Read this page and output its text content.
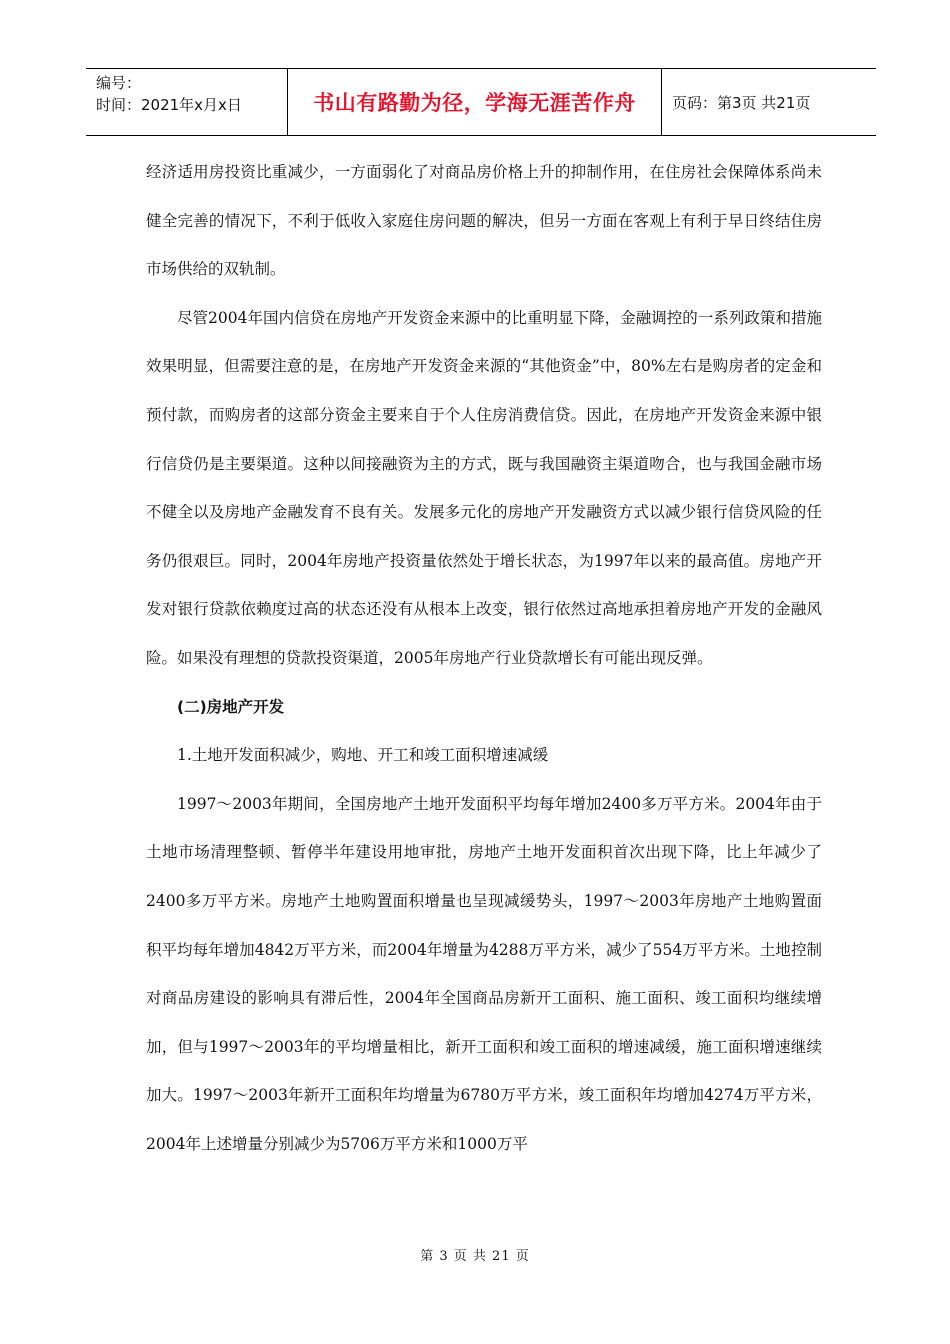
编号：
时间：2021年x月x日	书山有路勤为径，学海无涯苦作舟	页码：第3页 共21页

经济适用房投资比重减少，一方面弱化了对商品房价格上升的抑制作用，在住房社会保障体系尚未健全完善的情况下，不利于低收入家庭住房问题的解决，但另一方面在客观上有利于早日终结住房市场供给的双轨制。

尽管2004年国内信贷在房地产开发资金来源中的比重明显下降，金融调控的一系列政策和措施效果明显，但需要注意的是，在房地产开发资金来源的“其他资金”中，80%左右是购房者的定金和预付款，而购房者的这部分资金主要来自于个人住房消费信贷。因此，在房地产开发资金来源中银行信贷仍是主要渠道。这种以间接融资为主的方式，既与我国融资主渠道吻合，也与我国金融市场不健全以及房地产金融发育不良有关。发展多元化的房地产开发融资方式以减少银行信贷风险的任务仍很艰巨。同时，2004年房地产投资量依然处于增长状态，为1997年以来的最高值。房地产开发对银行贷款依赖度过高的状态还没有从根本上改变，银行依然过高地承担着房地产开发的金融风险。如果没有理想的贷款投资渠道，2005年房地产行业贷款增长有可能出现反弹。

(二)房地产开发

1.土地开发面积减少，购地、开工和竣工面积增速减缓

1997～2003年期间，全国房地产土地开发面积平均每年增加2400多万平方米。2004年由于土地市场清理整顿、暂停半年建设用地审批，房地产土地开发面积首次出现下降，比上年减少了2400多万平方米。房地产土地购置面积增量也呈现减缓势头，1997～2003年房地产土地购置面积平均每年增加4842万平方米，而2004年增量为4288万平方米，减少了554万平方米。土地控制对商品房建设的影响具有滞后性，2004年全国商品房新开工面积、施工面积、竣工面积均继续增加，但与1997～2003年的平均增量相比，新开工面积和竣工面积的增速减缓，施工面积增速继续加大。1997～2003年新开工面积年均增量为6780万平方米，竣工面积年均增加4274万平方米，2004年上述增量分别减少为5706万平方米和1000万平

第 3 页 共 21 页
